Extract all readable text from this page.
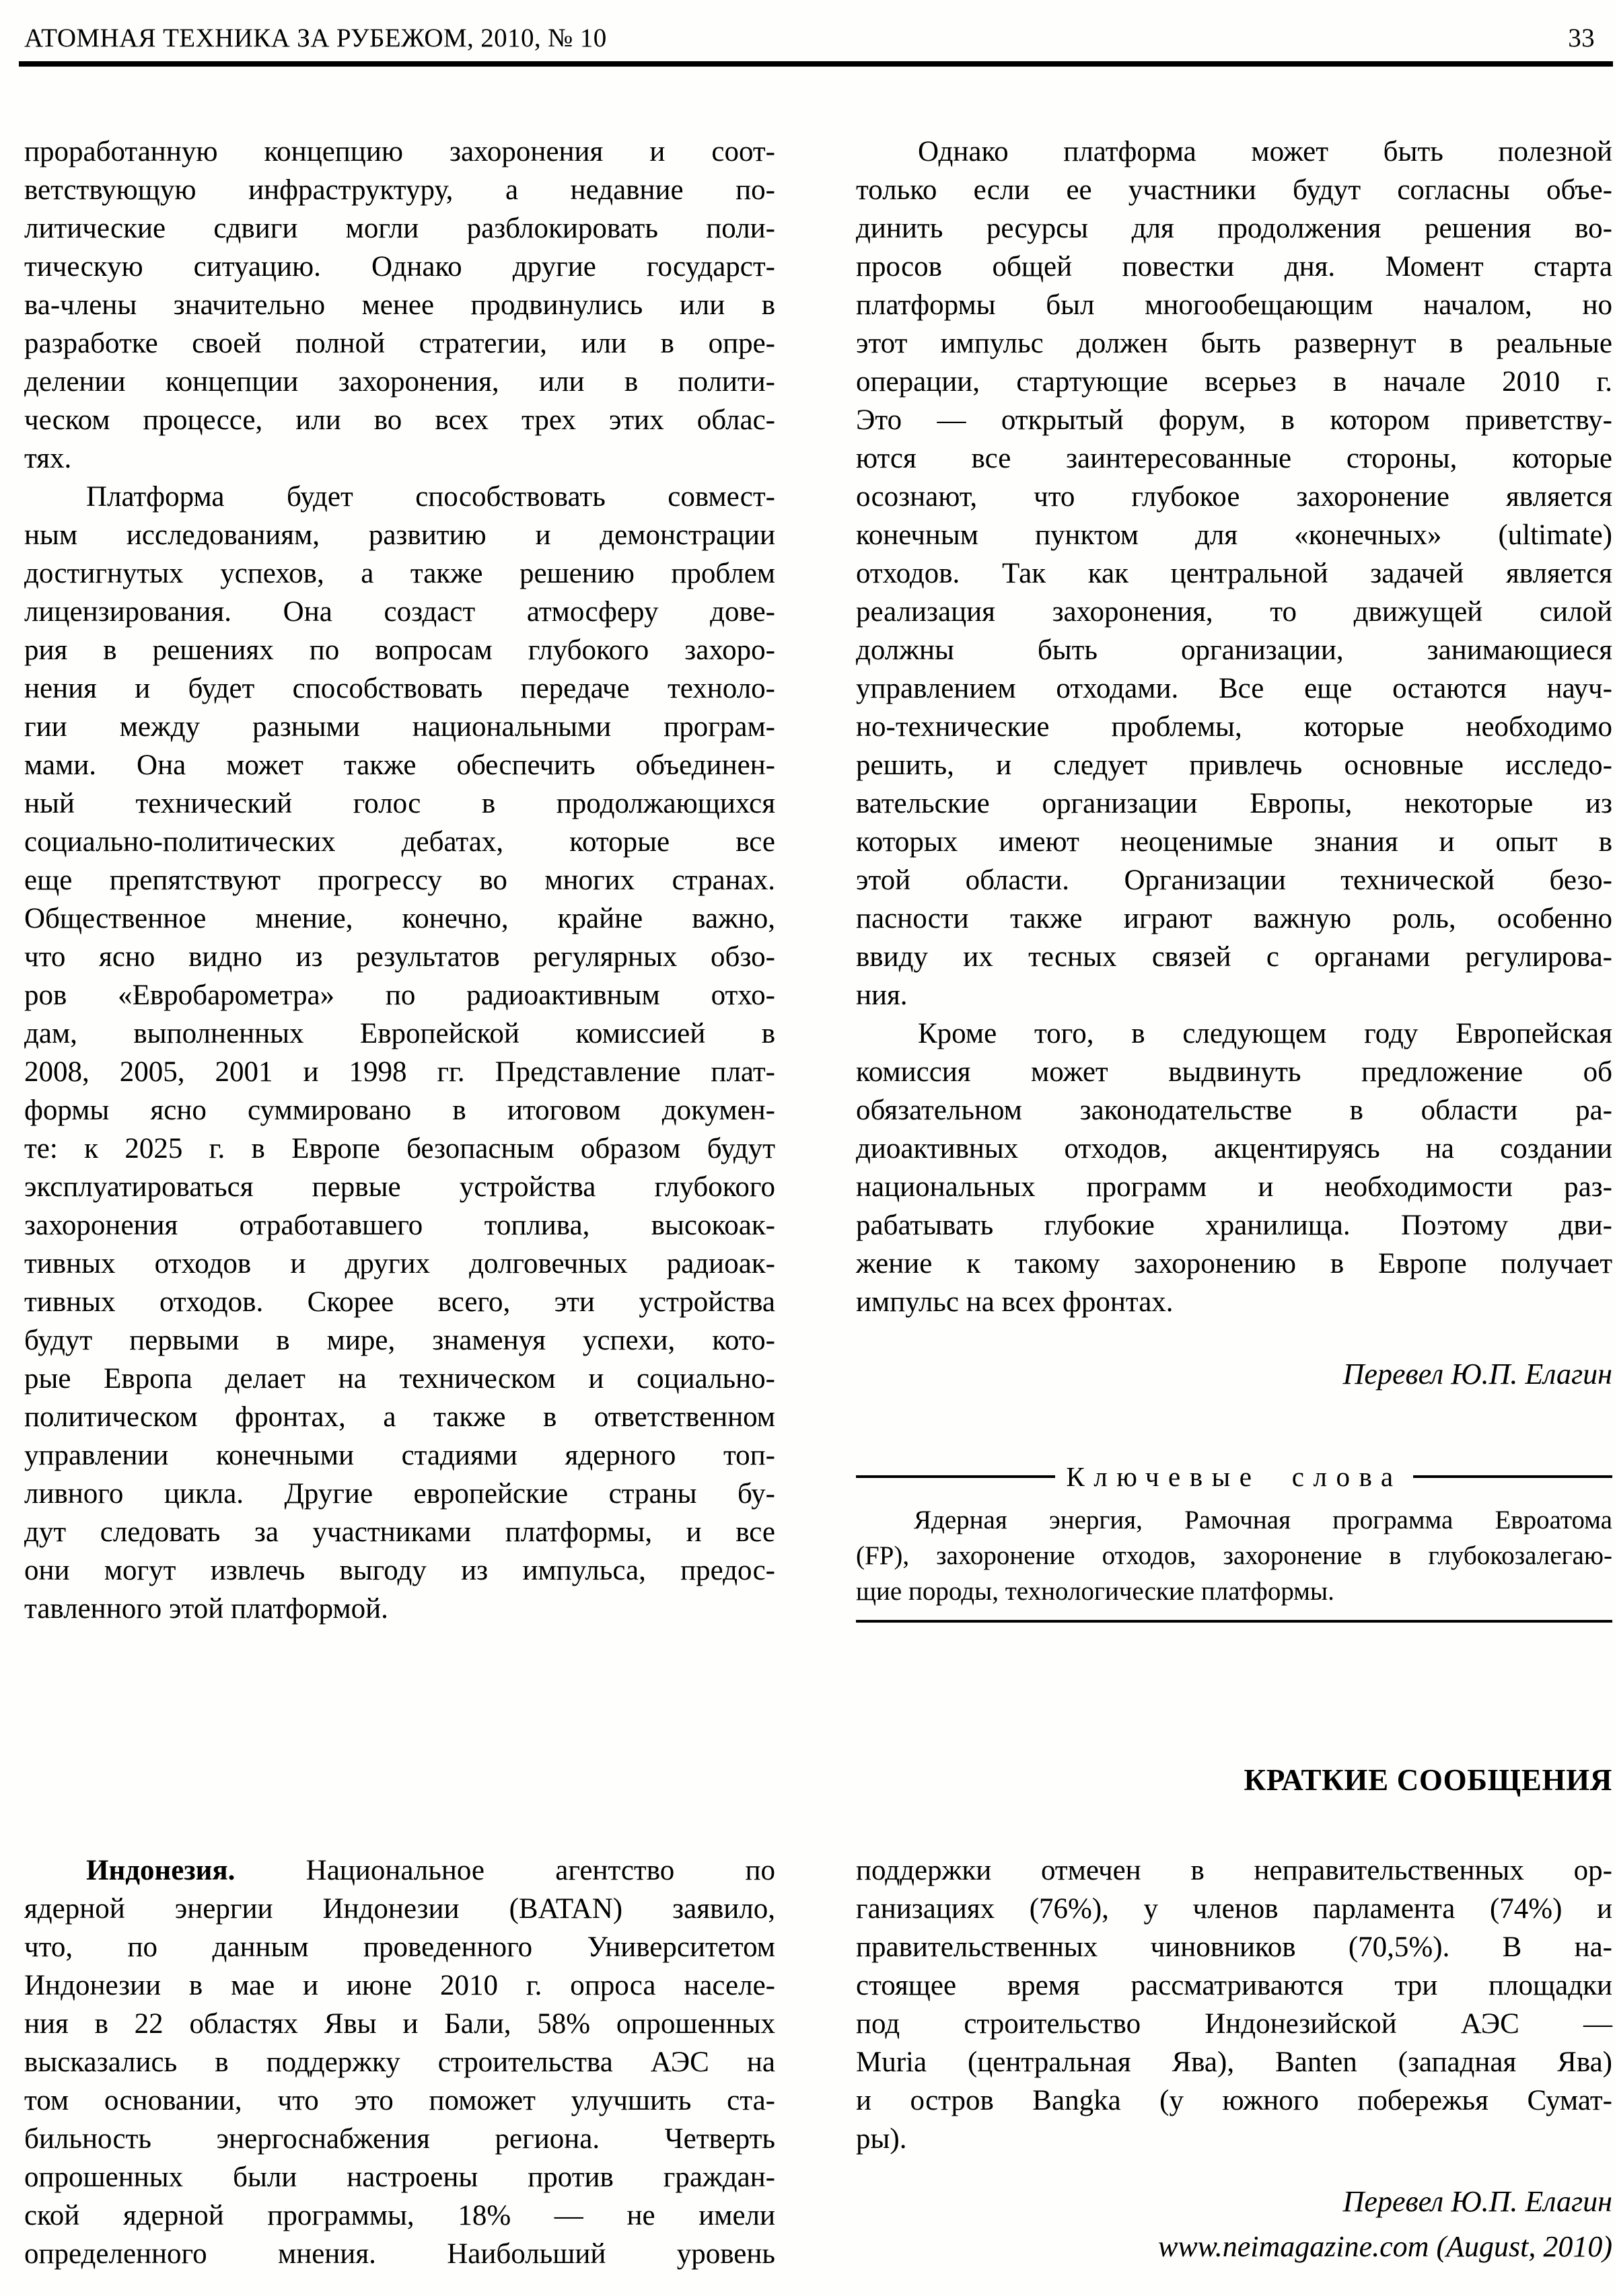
АТОМНАЯ ТЕХНИКА ЗА РУБЕЖОМ, 2010, № 10	33
проработанную концепцию захоронения и соот-
ветствующую инфраструктуру, а недавние по-
литические сдвиги могли разблокировать поли-
тическую ситуацию. Однако другие государст-
ва-члены значительно менее продвинулись или в
разработке своей полной стратегии, или в опре-
делении концепции захоронения, или в полити-
ческом процессе, или во всех трех этих облас-
тях.
Платформа будет способствовать совмест-
ным исследованиям, развитию и демонстрации
достигнутых успехов, а также решению проблем
лицензирования. Она создаст атмосферу дове-
рия в решениях по вопросам глубокого захоро-
нения и будет способствовать передаче техноло-
гии между разными национальными програм-
мами. Она может также обеспечить объединен-
ный технический голос в продолжающихся
социально-политических дебатах, которые все
еще препятствуют прогрессу во многих странах.
Общественное мнение, конечно, крайне важно,
что ясно видно из результатов регулярных обзо-
ров «Евробарометра» по радиоактивным отхо-
дам, выполненных Европейской комиссией в
2008, 2005, 2001 и 1998 гг. Представление плат-
формы ясно суммировано в итоговом докумен-
те: к 2025 г. в Европе безопасным образом будут
эксплуатироваться первые устройства глубокого
захоронения отработавшего топлива, высокоак-
тивных отходов и других долговечных радиоак-
тивных отходов. Скорее всего, эти устройства
будут первыми в мире, знаменуя успехи, кото-
рые Европа делает на техническом и социально-
политическом фронтах, а также в ответственном
управлении конечными стадиями ядерного топ-
ливного цикла. Другие европейские страны бу-
дут следовать за участниками платформы, и все
они могут извлечь выгоду из импульса, предос-
тавленного этой платформой.
Однако платформа может быть полезной
только если ее участники будут согласны объе-
динить ресурсы для продолжения решения во-
просов общей повестки дня. Момент старта
платформы был многообещающим началом, но
этот импульс должен быть развернут в реальные
операции, стартующие всерьез в начале 2010 г.
Это — открытый форум, в котором приветству-
ются все заинтересованные стороны, которые
осознают, что глубокое захоронение является
конечным пунктом для «конечных» (ultimate)
отходов. Так как центральной задачей является
реализация захоронения, то движущей силой
должны быть организации, занимающиеся
управлением отходами. Все еще остаются науч-
но-технические проблемы, которые необходимо
решить, и следует привлечь основные исследо-
вательские организации Европы, некоторые из
которых имеют неоценимые знания и опыт в
этой области. Организации технической безо-
пасности также играют важную роль, особенно
ввиду их тесных связей с органами регулирова-
ния.
Кроме того, в следующем году Европейская
комиссия может выдвинуть предложение об
обязательном законодательстве в области ра-
диоактивных отходов, акцентируясь на создании
национальных программ и необходимости раз-
рабатывать глубокие хранилища. Поэтому дви-
жение к такому захоронению в Европе получает
импульс на всех фронтах.
Перевел Ю.П. Елагин
Ключевые слова
Ядерная энергия, Рамочная программа Евроатома
(FP), захоронение отходов, захоронение в глубокозалегаю-
щие породы, технологические платформы.
КРАТКИЕ СООБЩЕНИЯ
Индонезия. Национальное агентство по
ядерной энергии Индонезии (BATAN) заявило,
что, по данным проведенного Университетом
Индонезии в мае и июне 2010 г. опроса населе-
ния в 22 областях Явы и Бали, 58% опрошенных
высказались в поддержку строительства АЭС на
том основании, что это поможет улучшить ста-
бильность энергоснабжения региона. Четверть
опрошенных были настроены против граждан-
ской ядерной программы, 18% — не имели
определенного мнения. Наибольший уровень
поддержки отмечен в неправительственных ор-
ганизациях (76%), у членов парламента (74%) и
правительственных чиновников (70,5%). В на-
стоящее время рассматриваются три площадки
под строительство Индонезийской АЭС —
Muria (центральная Ява), Banten (западная Ява)
и остров Bangka (у южного побережья Сумат-
ры).
Перевел Ю.П. Елагин
www.neimagazine.com (August, 2010)
